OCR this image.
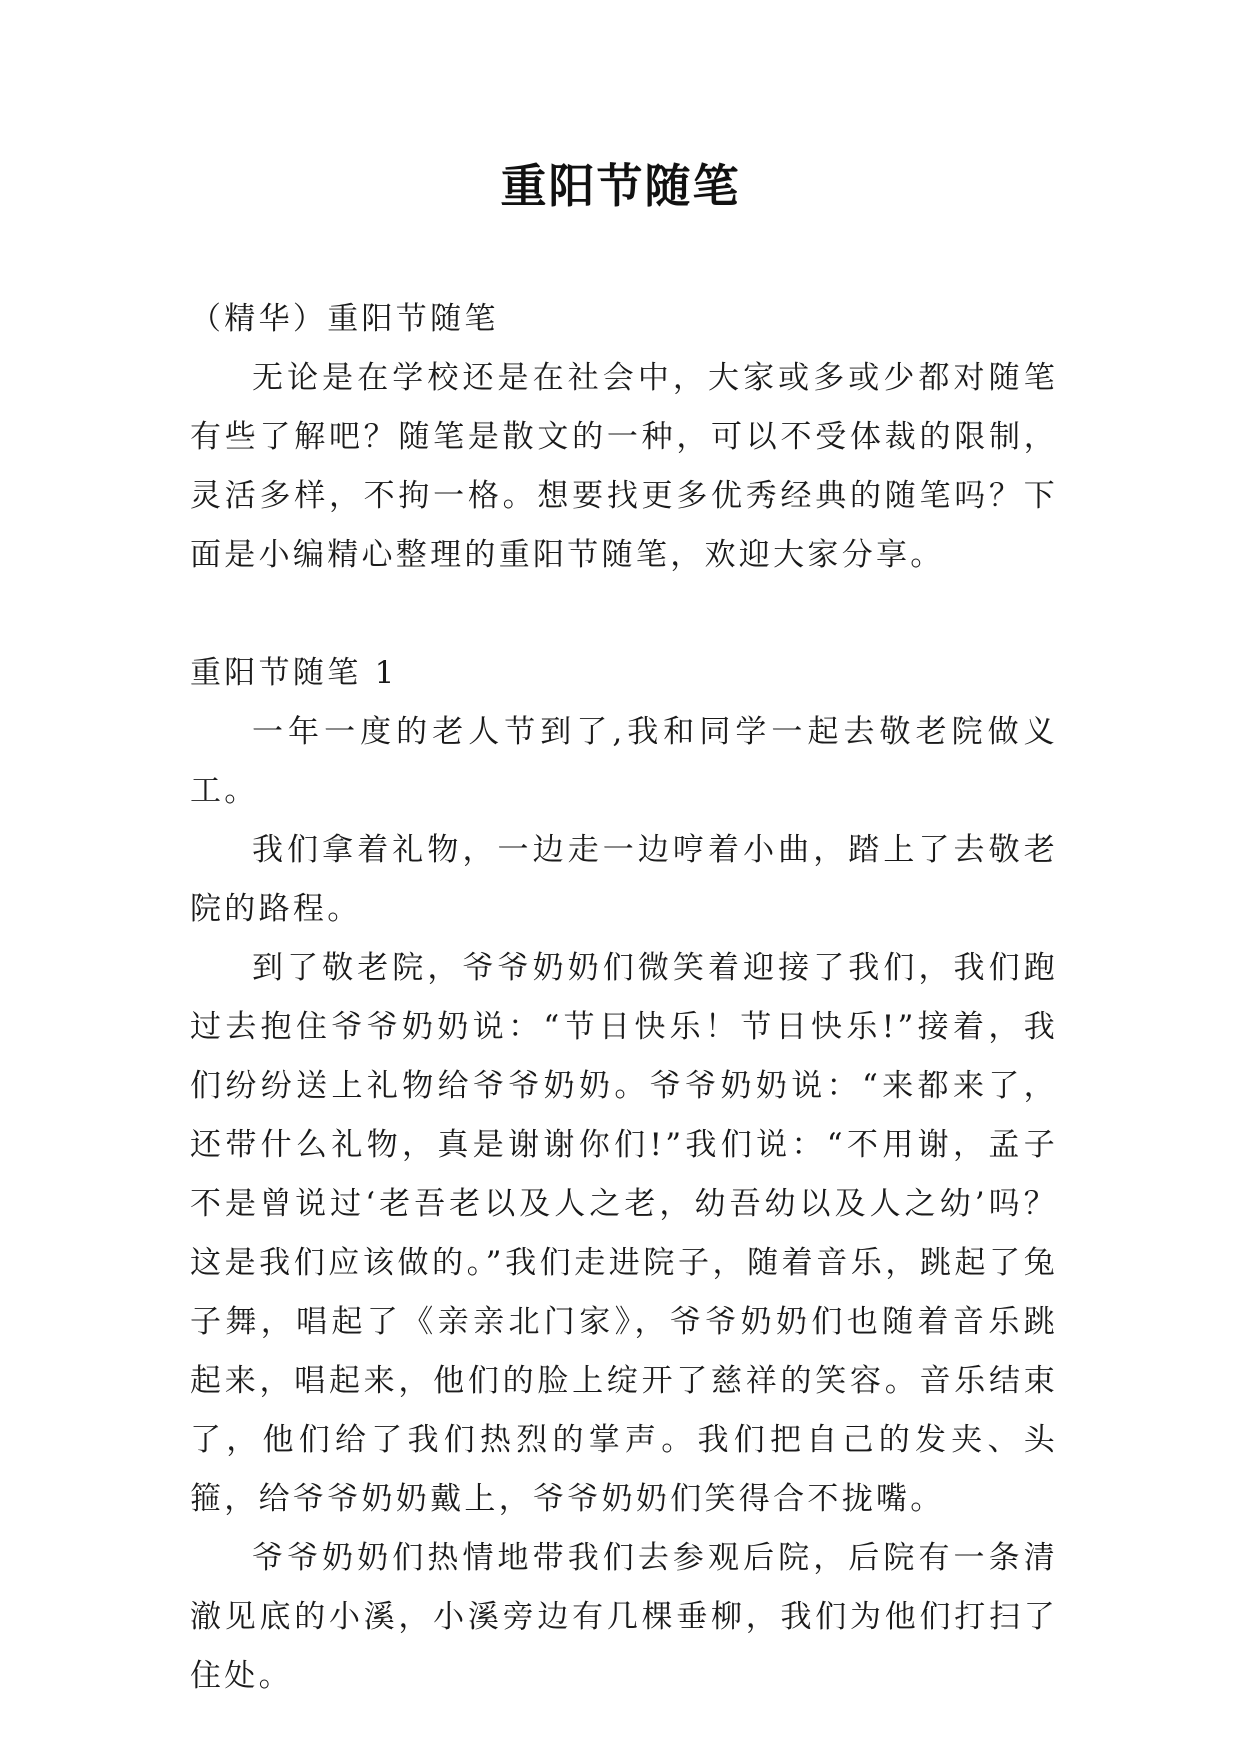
重阳节随笔

（精华）重阳节随笔

无论是在学校还是在社会中，大家或多或少都对随笔有些了解吧？随笔是散文的一种，可以不受体裁的限制，灵活多样，不拘一格。想要找更多优秀经典的随笔吗？下面是小编精心整理的重阳节随笔，欢迎大家分享。

重阳节随笔 1

一年一度的老人节到了,我和同学一起去敬老院做义工。

我们拿着礼物，一边走一边哼着小曲，踏上了去敬老院的路程。

到了敬老院，爷爷奶奶们微笑着迎接了我们，我们跑过去抱住爷爷奶奶说：“节日快乐！节日快乐!”接着，我们纷纷送上礼物给爷爷奶奶。爷爷奶奶说：“来都来了，还带什么礼物，真是谢谢你们!”我们说：“不用谢，孟子不是曾说过‘老吾老以及人之老，幼吾幼以及人之幼’吗？这是我们应该做的。”我们走进院子，随着音乐，跳起了兔子舞，唱起了《亲亲北门家》，爷爷奶奶们也随着音乐跳起来，唱起来，他们的脸上绽开了慈祥的笑容。音乐结束了，他们给了我们热烈的掌声。我们把自己的发夹、头箍，给爷爷奶奶戴上，爷爷奶奶们笑得合不拢嘴。

爷爷奶奶们热情地带我们去参观后院，后院有一条清澈见底的小溪，小溪旁边有几棵垂柳，我们为他们打扫了住处。
